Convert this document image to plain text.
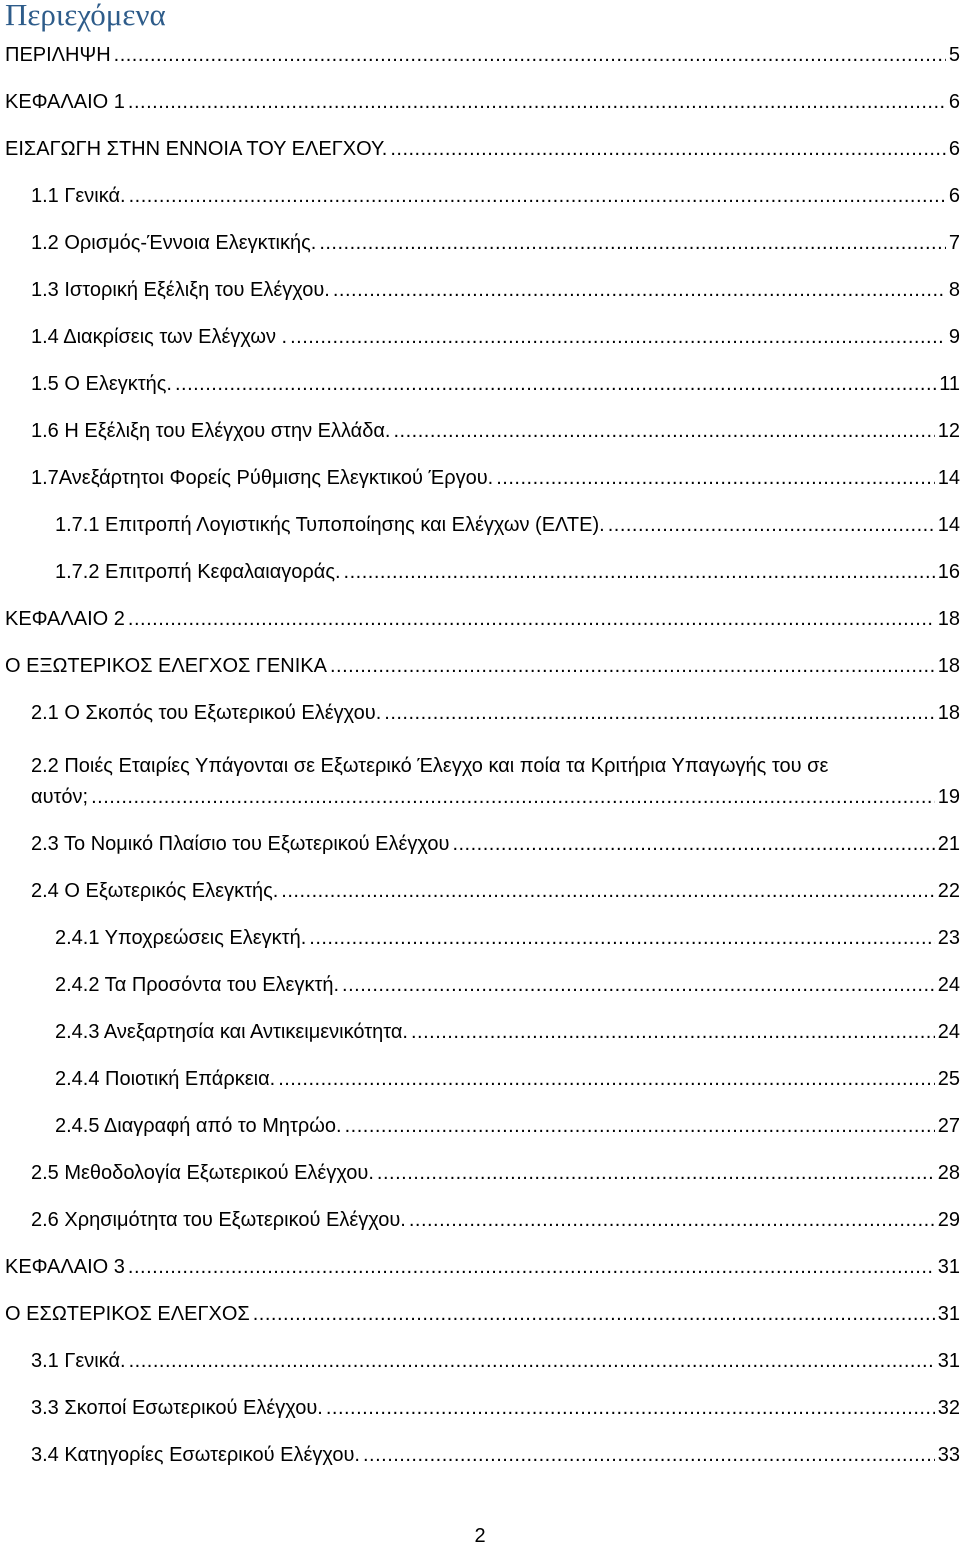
Περιεχόμενα
ΠΕΡΙΛΗΨΗ .....	5
ΚΕΦΑΛΑΙΟ 1 .....	6
ΕΙΣΑΓΩΓΗ ΣΤΗΝ ΕΝΝΟΙΑ ΤΟΥ ΕΛΕΓΧΟΥ. .....	6
1.1 Γενικά. .....	6
1.2 Ορισμός-Έννοια Ελεγκτικής. .....	7
1.3 Ιστορική Εξέλιξη του Ελέγχου. .....	8
1.4 Διακρίσεις των Ελέγχων . .....	9
1.5 Ο Ελεγκτής. .....	11
1.6 Η Εξέλιξη του Ελέγχου στην Ελλάδα. .....	12
1.7Ανεξάρτητοι Φορείς Ρύθμισης Ελεγκτικού Έργου. .....	14
1.7.1 Επιτροπή Λογιστικής Τυποποίησης και Ελέγχων (ΕΛΤΕ). .....	14
1.7.2 Επιτροπή Κεφαλαιαγοράς. .....	16
ΚΕΦΑΛΑΙΟ 2 .....	18
Ο ΕΞΩΤΕΡΙΚΟΣ ΕΛΕΓΧΟΣ ΓΕΝΙΚΑ .....	18
2.1 Ο Σκοπός του Εξωτερικού Ελέγχου. .....	18
2.2 Ποιές Εταιρίες Υπάγονται σε Εξωτερικό Έλεγχο και ποία τα Κριτήρια Υπαγωγής του σε
αυτόν; .....	19
2.3 Το Νομικό Πλαίσιο του Εξωτερικού Ελέγχου .....	21
2.4 Ο Εξωτερικός Ελεγκτής. .....	22
2.4.1 Υποχρεώσεις Ελεγκτή. .....	23
2.4.2 Τα Προσόντα του Ελεγκτή. .....	24
2.4.3 Ανεξαρτησία και Αντικειμενικότητα. .....	24
2.4.4 Ποιοτική Επάρκεια. .....	25
2.4.5 Διαγραφή από το Μητρώο. .....	27
2.5 Μεθοδολογία Εξωτερικού Ελέγχου. .....	28
2.6 Χρησιμότητα του Εξωτερικού Ελέγχου. .....	29
ΚΕΦΑΛΑΙΟ 3 .....	31
Ο ΕΣΩΤΕΡΙΚΟΣ ΕΛΕΓΧΟΣ .....	31
3.1 Γενικά. .....	31
3.3 Σκοποί Εσωτερικού Ελέγχου. .....	32
3.4 Κατηγορίες Εσωτερικού Ελέγχου. .....	33
2
